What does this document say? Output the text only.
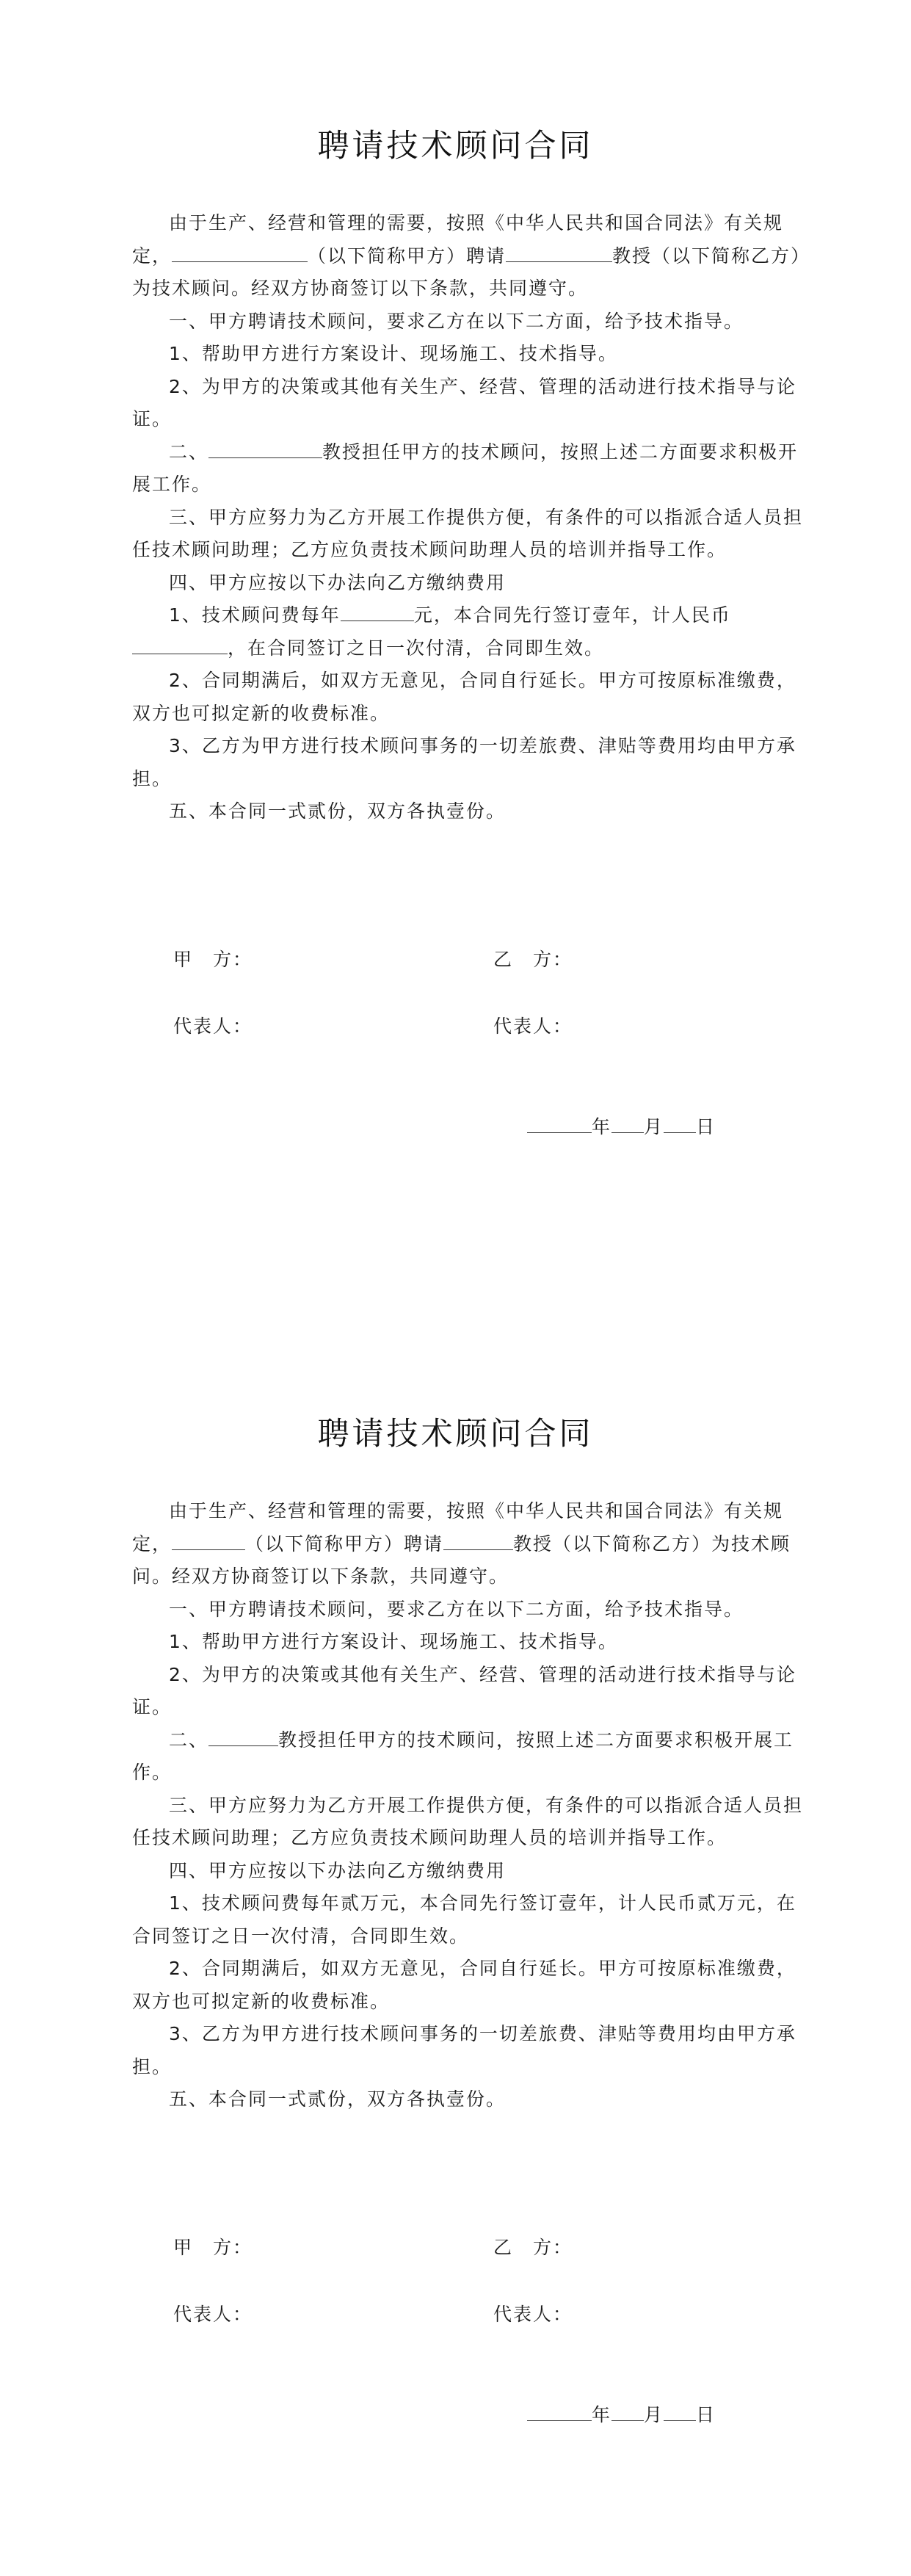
聘请技术顾问合同

由于生产、经营和管理的需要，按照《中华人民共和国合同法》有关规定，	（以下简称甲方）聘请	教授（以下简称乙方）为技术顾问。经双方协商签订以下条款，共同遵守。

一、甲方聘请技术顾问，要求乙方在以下二方面，给予技术指导。

1、帮助甲方进行方案设计、现场施工、技术指导。

2、为甲方的决策或其他有关生产、经营、管理的活动进行技术指导与论证。

二、	教授担任甲方的技术顾问，按照上述二方面要求积极开展工作。

三、甲方应努力为乙方开展工作提供方便，有条件的可以指派合适人员担任技术顾问助理；乙方应负责技术顾问助理人员的培训并指导工作。

四、甲方应按以下办法向乙方缴纳费用

1、技术顾问费每年	元，本合同先行签订壹年，计人民币，在合同签订之日一次付清，合同即生效。

2、合同期满后，如双方无意见，合同自行延长。甲方可按原标准缴费，双方也可拟定新的收费标准。

3、乙方为甲方进行技术顾问事务的一切差旅费、津贴等费用均由甲方承担。

五、本合同一式贰份，双方各执壹份。

甲　方：	乙　方：
代表人：	代表人：
年 月 日
聘请技术顾问合同

由于生产、经营和管理的需要，按照《中华人民共和国合同法》有关规定，	（以下简称甲方）聘请	教授（以下简称乙方）为技术顾问。经双方协商签订以下条款，共同遵守。

一、甲方聘请技术顾问，要求乙方在以下二方面，给予技术指导。

1、帮助甲方进行方案设计、现场施工、技术指导。

2、为甲方的决策或其他有关生产、经营、管理的活动进行技术指导与论证。

二、	教授担任甲方的技术顾问，按照上述二方面要求积极开展工作。

三、甲方应努力为乙方开展工作提供方便，有条件的可以指派合适人员担任技术顾问助理；乙方应负责技术顾问助理人员的培训并指导工作。

四、甲方应按以下办法向乙方缴纳费用

1、技术顾问费每年贰万元，本合同先行签订壹年，计人民币贰万元，在合同签订之日一次付清，合同即生效。

2、合同期满后，如双方无意见，合同自行延长。甲方可按原标准缴费，双方也可拟定新的收费标准。

3、乙方为甲方进行技术顾问事务的一切差旅费、津贴等费用均由甲方承担。

五、本合同一式贰份，双方各执壹份。

甲　方：	乙　方：
代表人：	代表人：
年 月 日
